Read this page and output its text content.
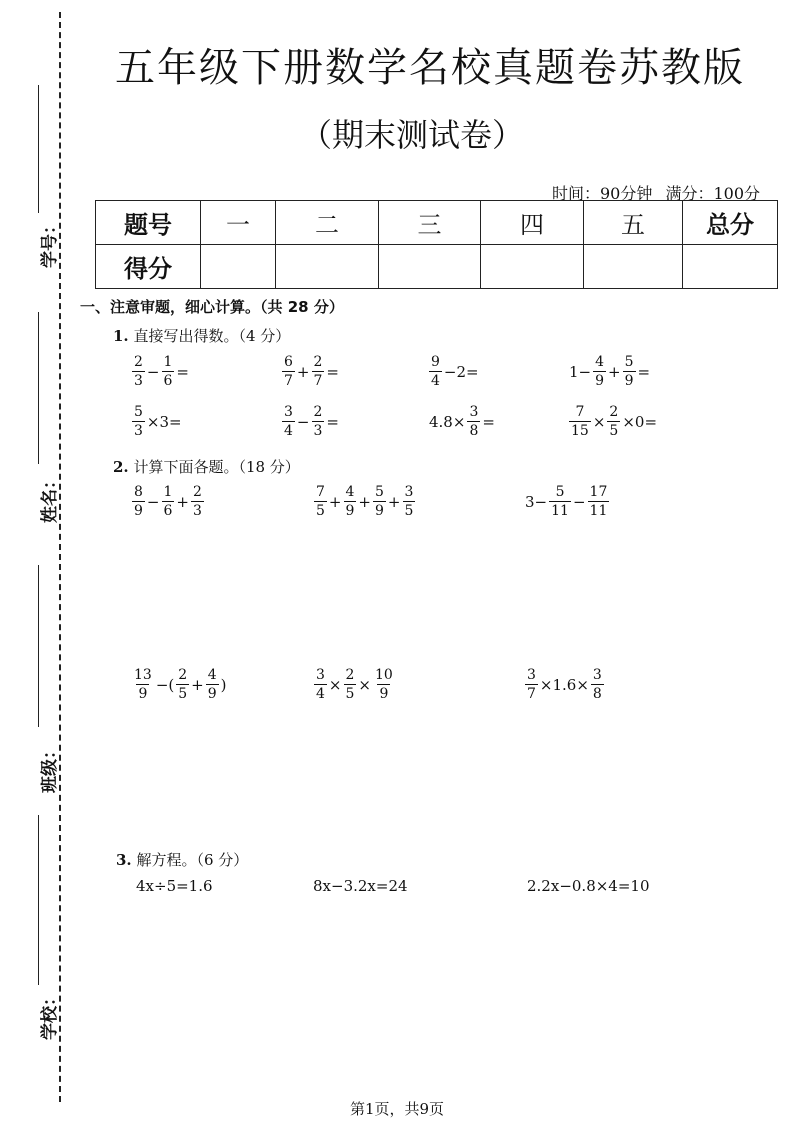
学号：
姓名：
班级：
学校：
五年级下册数学名校真题卷苏教版
（期末测试卷）
时间：90分钟 满分：100分
题号	一	二	三	四	五	总分
得分						
一、注意审题，细心计算。（共 28 分）
1. 直接写出得数。（4 分）
$\frac{2}{3} - \frac{1}{6}$ =	$\frac{6}{7} + \frac{2}{7}$ =	$\frac{9}{4} -2=$	$1- \frac{4}{9} + \frac{5}{9}$ =
$\frac{5}{3} \times 3=$	$\frac{3}{4} - \frac{2}{3}$ =	$4.8\times \frac{3}{8}$ =	$\frac{7}{15} \times \frac{2}{5} \times 0=$
2. 计算下面各题。（18 分）
$\frac{8}{9} - \frac{1}{6} + \frac{2}{3}$	$\frac{7}{5} + \frac{4}{9} + \frac{5}{9} + \frac{3}{5}$	$3- \frac{5}{11} - \frac{17}{11}$
$\frac{13}{9}$ −( $\frac{2}{5} + \frac{4}{9}$ )	$\frac{3}{4} \times \frac{2}{5} \times \frac{10}{9}$	$\frac{3}{7} \times 1.6\times \frac{3}{8}$
3. 解方程。（6 分）
4x÷5=1.6	8x−3.2x=24	2.2x−0.8×4=10
第1页，共9页
